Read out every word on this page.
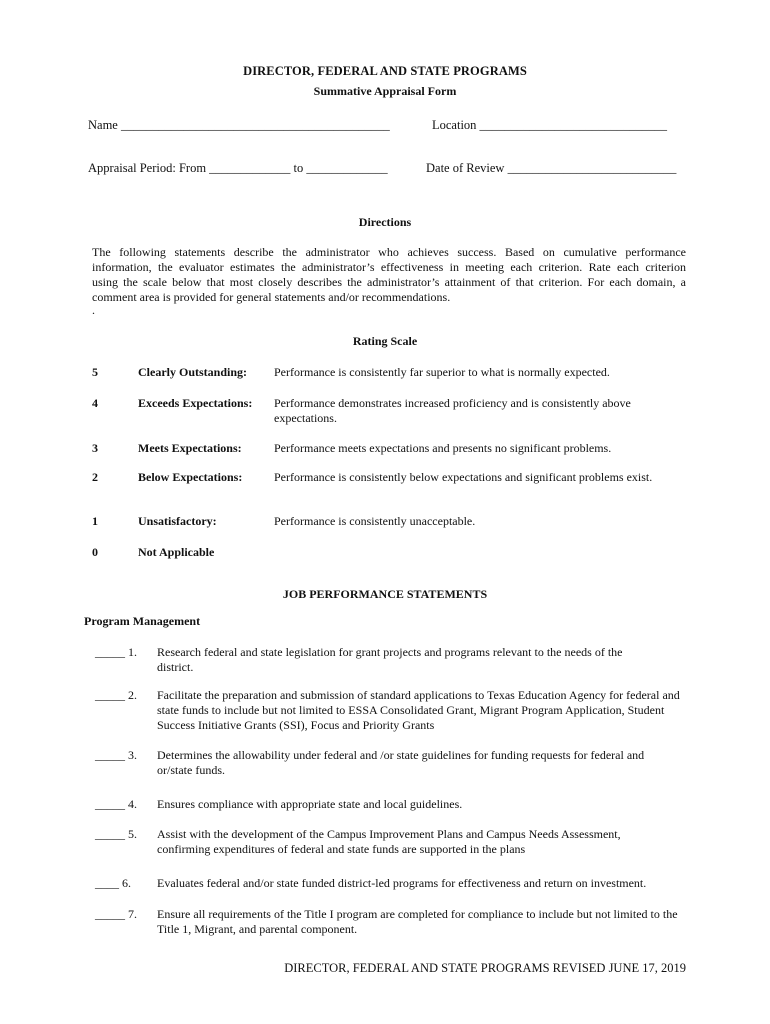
DIRECTOR, FEDERAL AND STATE PROGRAMS
Summative Appraisal Form
Name ___________________________________________	Location ______________________________
Appraisal Period: From _____________ to _____________	Date of Review ___________________________
Directions
The following statements describe the administrator who achieves success. Based on cumulative performance
information, the evaluator estimates the administrator’s effectiveness in meeting each criterion. Rate each criterion
using the scale below that most closely describes the administrator’s attainment of that criterion. For each domain, a
comment area is provided for general statements and/or recommendations.
.
Rating Scale
5	Clearly Outstanding: Performance is consistently far superior to what is normally expected.
4	Exceeds Expectations: Performance demonstrates increased proficiency and is consistently above expectations.
3	Meets Expectations:	Performance meets expectations and presents no significant problems.
2	Below Expectations:	Performance is consistently below expectations and significant problems exist.
1	Unsatisfactory:	Performance is consistently unacceptable.
0	Not Applicable
JOB PERFORMANCE STATEMENTS
Program Management
_____ 1. Research federal and state legislation for grant projects and programs relevant to the needs of the district.
_____ 2. Facilitate the preparation and submission of standard applications to Texas Education Agency for federal and state funds to include but not limited to ESSA Consolidated Grant, Migrant Program Application, Student Success Initiative Grants (SSI), Focus and Priority Grants
_____ 3. Determines the allowability under federal and /or state guidelines for funding requests for federal and or/state funds.
_____ 4. Ensures compliance with appropriate state and local guidelines.
_____ 5. Assist with the development of the Campus Improvement Plans and Campus Needs Assessment, confirming expenditures of federal and state funds are supported in the plans
____ 6. Evaluates federal and/or state funded district-led programs for effectiveness and return on investment.
_____ 7. Ensure all requirements of the Title I program are completed for compliance to include but not limited to the Title 1, Migrant, and parental component.
DIRECTOR, FEDERAL AND STATE PROGRAMS REVISED JUNE 17, 2019
